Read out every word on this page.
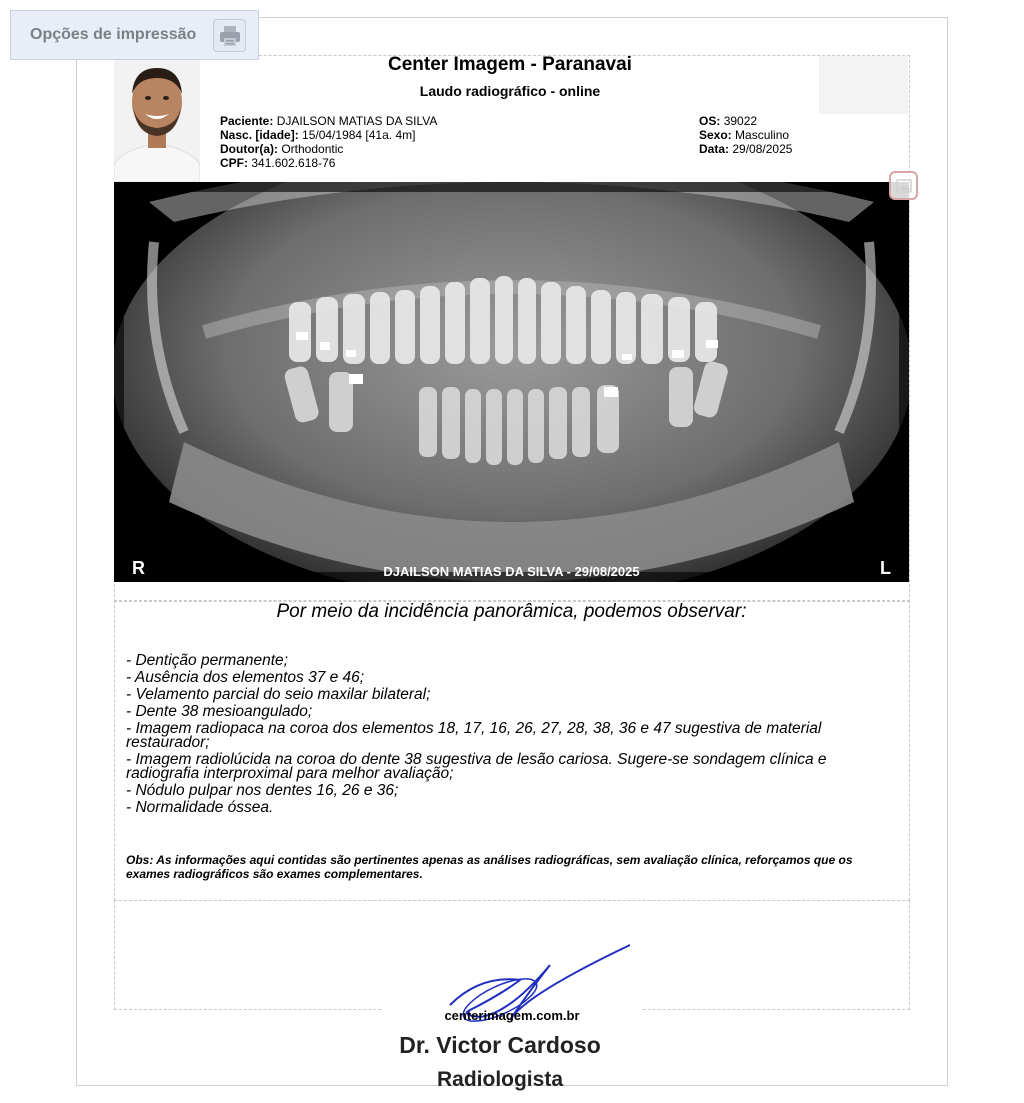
Opções de impressão
Center Imagem - Paranavai
Laudo radiográfico - online
Paciente: DJAILSON MATIAS DA SILVA
Nasc. [idade]: 15/04/1984 [41a. 4m]
Doutor(a): Orthodontic
CPF: 341.602.618-76
OS: 39022
Sexo: Masculino
Data: 29/08/2025
R	L
DJAILSON MATIAS DA SILVA - 29/08/2025
Por meio da incidência panorâmica, podemos observar:
- Dentição permanente;
- Ausência dos elementos 37 e 46;
- Velamento parcial do seio maxilar bilateral;
- Dente 38 mesioangulado;
- Imagem radiopaca na coroa dos elementos 18, 17, 16, 26, 27, 28, 38, 36 e 47 sugestiva de material restaurador;
- Imagem radiolúcida na coroa do dente 38 sugestiva de lesão cariosa. Sugere-se sondagem clínica e radiografia interproximal para melhor avaliação;
- Nódulo pulpar nos dentes 16, 26 e 36;
- Normalidade óssea.
Obs: As informações aqui contidas são pertinentes apenas as análises radiográficas, sem avaliação clínica, reforçamos que os exames radiográficos são exames complementares.
centerimagem.com.br
Dr. Victor Cardoso
Radiologista
